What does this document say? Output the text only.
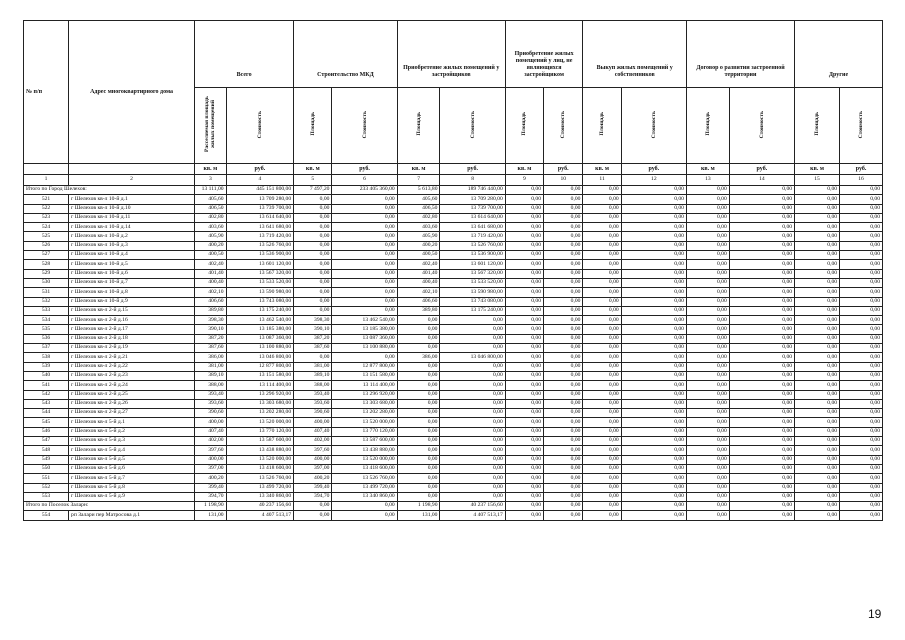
№ п/п	Адрес многоквартирного дома	Всего		Строительство МКД		Приобретение жилых помещений у застройщиков		Приобретение жилых помещений у лиц, не являющихся застройщиком		Выкуп жилых помещений у собственников		Договор о развитии застроенной территории		Другие	
		Расселяемая площадь жилых помещений	Стоимость	Площадь	Стоимость	Площадь	Стоимость	Площадь	Стоимость	Площадь	Стоимость	Площадь	Стоимость	Площадь	Стоимость
		кв. м	руб.	кв. м	руб.	кв. м	руб.	кв. м	руб.	кв. м	руб.	кв. м	руб.	кв. м	руб.
1	2	3	4	5	6	7	8	9	10	11	12	13	14	15	16
Итого по Город Шелехов:		13 111,00	445 151 800,00	7 497,20	233 405 360,00	5 613,80	189 746 440,00	0,00	0,00	0,00	0,00	0,00	0,00	0,00	0,00
521	г Шелехов кв-л 10-й д.1	405,60	13 709 280,00	0,00	0,00	405,60	13 709 280,00	0,00	0,00	0,00	0,00	0,00	0,00	0,00	0,00
522	г Шелехов кв-л 10-й д.10	406,50	13 739 700,00	0,00	0,00	406,50	13 739 700,00	0,00	0,00	0,00	0,00	0,00	0,00	0,00	0,00
523	г Шелехов кв-л 10-й д.11	402,80	13 614 640,00	0,00	0,00	402,80	13 614 640,00	0,00	0,00	0,00	0,00	0,00	0,00	0,00	0,00
524	г Шелехов кв-л 10-й д.14	403,60	13 641 680,00	0,00	0,00	403,60	13 641 680,00	0,00	0,00	0,00	0,00	0,00	0,00	0,00	0,00
525	г Шелехов кв-л 10-й д.2	405,90	13 719 420,00	0,00	0,00	405,90	13 719 420,00	0,00	0,00	0,00	0,00	0,00	0,00	0,00	0,00
526	г Шелехов кв-л 10-й д.3	400,20	13 526 760,00	0,00	0,00	400,20	13 526 760,00	0,00	0,00	0,00	0,00	0,00	0,00	0,00	0,00
527	г Шелехов кв-л 10-й д.4	400,50	13 536 900,00	0,00	0,00	400,50	13 536 900,00	0,00	0,00	0,00	0,00	0,00	0,00	0,00	0,00
528	г Шелехов кв-л 10-й д.5	402,40	13 601 120,00	0,00	0,00	402,40	13 601 120,00	0,00	0,00	0,00	0,00	0,00	0,00	0,00	0,00
529	г Шелехов кв-л 10-й д.6	401,40	13 567 320,00	0,00	0,00	401,40	13 567 320,00	0,00	0,00	0,00	0,00	0,00	0,00	0,00	0,00
530	г Шелехов кв-л 10-й д.7	400,40	13 533 520,00	0,00	0,00	400,40	13 533 520,00	0,00	0,00	0,00	0,00	0,00	0,00	0,00	0,00
531	г Шелехов кв-л 10-й д.8	402,10	13 590 980,00	0,00	0,00	402,10	13 590 980,00	0,00	0,00	0,00	0,00	0,00	0,00	0,00	0,00
532	г Шелехов кв-л 10-й д.9	406,60	13 743 080,00	0,00	0,00	406,60	13 743 080,00	0,00	0,00	0,00	0,00	0,00	0,00	0,00	0,00
533	г Шелехов кв-л 2-й д.15	389,80	13 175 240,00	0,00	0,00	389,80	13 175 240,00	0,00	0,00	0,00	0,00	0,00	0,00	0,00	0,00
534	г Шелехов кв-л 2-й д.16	398,30	13 462 540,00	398,30	13 462 540,00	0,00	0,00	0,00	0,00	0,00	0,00	0,00	0,00	0,00	0,00
535	г Шелехов кв-л 2-й д.17	390,10	13 185 380,00	390,10	13 185 380,00	0,00	0,00	0,00	0,00	0,00	0,00	0,00	0,00	0,00	0,00
536	г Шелехов кв-л 2-й д.18	387,20	13 087 360,00	387,20	13 087 360,00	0,00	0,00	0,00	0,00	0,00	0,00	0,00	0,00	0,00	0,00
537	г Шелехов кв-л 2-й д.19	387,60	13 100 880,00	387,60	13 100 880,00	0,00	0,00	0,00	0,00	0,00	0,00	0,00	0,00	0,00	0,00
538	г Шелехов кв-л 2-й д.21	386,00	13 046 800,00	0,00	0,00	386,00	13 046 800,00	0,00	0,00	0,00	0,00	0,00	0,00	0,00	0,00
539	г Шелехов кв-л 2-й д.22	381,00	12 877 800,00	381,00	12 877 800,00	0,00	0,00	0,00	0,00	0,00	0,00	0,00	0,00	0,00	0,00
540	г Шелехов кв-л 2-й д.23	389,10	13 151 580,00	389,10	13 151 580,00	0,00	0,00	0,00	0,00	0,00	0,00	0,00	0,00	0,00	0,00
541	г Шелехов кв-л 2-й д.24	388,00	13 114 400,00	388,00	13 114 400,00	0,00	0,00	0,00	0,00	0,00	0,00	0,00	0,00	0,00	0,00
542	г Шелехов кв-л 2-й д.25	393,40	13 296 920,00	393,40	13 296 920,00	0,00	0,00	0,00	0,00	0,00	0,00	0,00	0,00	0,00	0,00
543	г Шелехов кв-л 2-й д.26	393,60	13 303 680,00	393,60	13 303 680,00	0,00	0,00	0,00	0,00	0,00	0,00	0,00	0,00	0,00	0,00
544	г Шелехов кв-л 2-й д.27	390,60	13 202 280,00	390,60	13 202 280,00	0,00	0,00	0,00	0,00	0,00	0,00	0,00	0,00	0,00	0,00
545	г Шелехов кв-л 5-й д.1	400,00	13 520 000,00	400,00	13 520 000,00	0,00	0,00	0,00	0,00	0,00	0,00	0,00	0,00	0,00	0,00
546	г Шелехов кв-л 5-й д.2	407,40	13 770 120,00	407,40	13 770 120,00	0,00	0,00	0,00	0,00	0,00	0,00	0,00	0,00	0,00	0,00
547	г Шелехов кв-л 5-й д.3	402,00	13 587 600,00	402,00	13 587 600,00	0,00	0,00	0,00	0,00	0,00	0,00	0,00	0,00	0,00	0,00
548	г Шелехов кв-л 5-й д.4	397,60	13 438 880,00	397,60	13 438 880,00	0,00	0,00	0,00	0,00	0,00	0,00	0,00	0,00	0,00	0,00
549	г Шелехов кв-л 5-й д.5	400,00	13 520 000,00	400,00	13 520 000,00	0,00	0,00	0,00	0,00	0,00	0,00	0,00	0,00	0,00	0,00
550	г Шелехов кв-л 5-й д.6	397,00	13 418 600,00	397,00	13 418 600,00	0,00	0,00	0,00	0,00	0,00	0,00	0,00	0,00	0,00	0,00
551	г Шелехов кв-л 5-й д.7	400,20	13 526 760,00	400,20	13 526 760,00	0,00	0,00	0,00	0,00	0,00	0,00	0,00	0,00	0,00	0,00
552	г Шелехов кв-л 5-й д.8	399,40	13 499 720,00	399,40	13 499 720,00	0,00	0,00	0,00	0,00	0,00	0,00	0,00	0,00	0,00	0,00
553	г Шелехов кв-л 5-й д.9	394,70	13 340 860,00	394,70	13 340 860,00	0,00	0,00	0,00	0,00	0,00	0,00	0,00	0,00	0,00	0,00
Итого по Поселок Заларн:		1 198,90	40 237 156,60	0,00	0,00	1 198,90	40 237 156,60	0,00	0,00	0,00	0,00	0,00	0,00	0,00	0,00
554	рп Залари пер Матросова д.1	131,00	4 407 513,17	0,00	0,00	131,00	4 407 513,17	0,00	0,00	0,00	0,00	0,00	0,00	0,00	0,00
19
